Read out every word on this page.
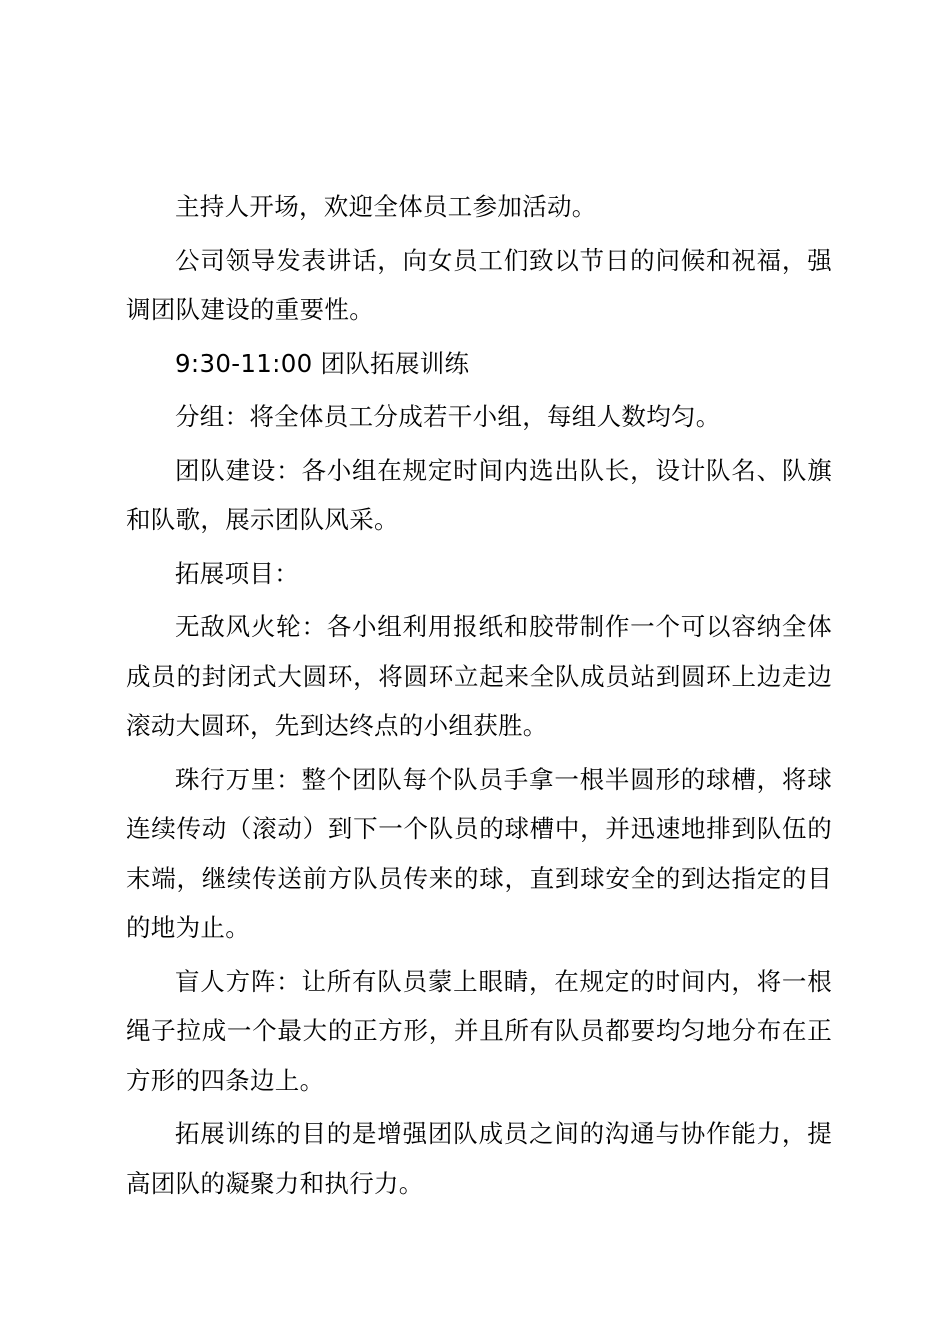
主持人开场，欢迎全体员工参加活动。

公司领导发表讲话，向女员工们致以节日的问候和祝福，强调团队建设的重要性。

9:30-11:00 团队拓展训练

分组：将全体员工分成若干小组，每组人数均匀。

团队建设：各小组在规定时间内选出队长，设计队名、队旗和队歌，展示团队风采。

拓展项目：

无敌风火轮：各小组利用报纸和胶带制作一个可以容纳全体成员的封闭式大圆环，将圆环立起来全队成员站到圆环上边走边滚动大圆环，先到达终点的小组获胜。

珠行万里：整个团队每个队员手拿一根半圆形的球槽，将球连续传动（滚动）到下一个队员的球槽中，并迅速地排到队伍的末端，继续传送前方队员传来的球，直到球安全的到达指定的目的地为止。

盲人方阵：让所有队员蒙上眼睛，在规定的时间内，将一根绳子拉成一个最大的正方形，并且所有队员都要均匀地分布在正方形的四条边上。

拓展训练的目的是增强团队成员之间的沟通与协作能力，提高团队的凝聚力和执行力。
